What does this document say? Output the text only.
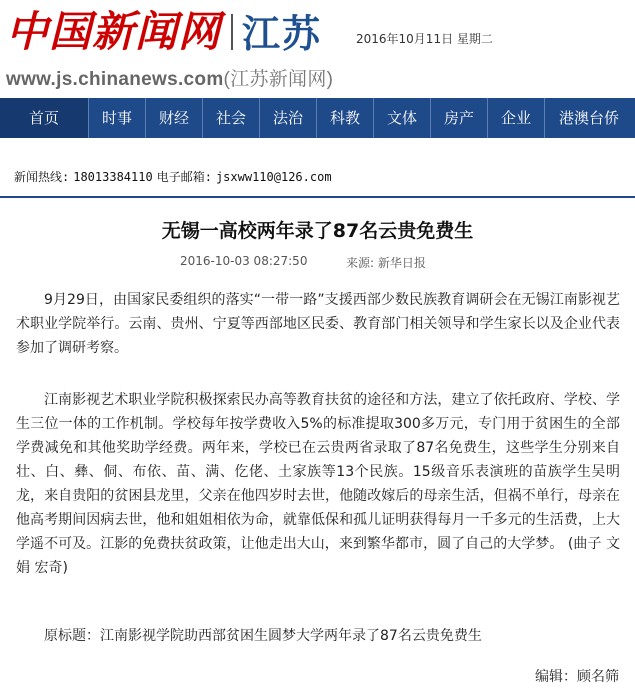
中国新闻网 江苏	2016年10月11日 星期二
www.js.chinanews.com(江苏新闻网)
首页	时事	财经	社会	法治	科教	文体	房产	企业	港澳台侨
新闻热线: 18013384110 电子邮箱: jsxww110@126.com
无锡一高校两年录了87名云贵免费生
2016-10-03 08:27:50	来源: 新华日报

9月29日，由国家民委组织的落实“一带一路”支援西部少数民族教育调研会在无锡江南影视艺术职业学院举行。云南、贵州、宁夏等西部地区民委、教育部门相关领导和学生家长以及企业代表参加了调研考察。

江南影视艺术职业学院积极探索民办高等教育扶贫的途径和方法，建立了依托政府、学校、学生三位一体的工作机制。学校每年按学费收入5%的标准提取300多万元，专门用于贫困生的全部学费减免和其他奖助学经费。两年来，学校已在云贵两省录取了87名免费生，这些学生分别来自壮、白、彝、侗、布依、苗、满、仡佬、土家族等13个民族。15级音乐表演班的苗族学生吴明龙，来自贵阳的贫困县龙里，父亲在他四岁时去世，他随改嫁后的母亲生活，但祸不单行，母亲在他高考期间因病去世，他和姐姐相依为命，就靠低保和孤儿证明获得每月一千多元的生活费，上大学遥不可及。江影的免费扶贫政策，让他走出大山，来到繁华都市，圆了自己的大学梦。 (曲子 文娟 宏奇)

原标题：江南影视学院助西部贫困生圆梦大学两年录了87名云贵免费生

编辑：顾名筛
